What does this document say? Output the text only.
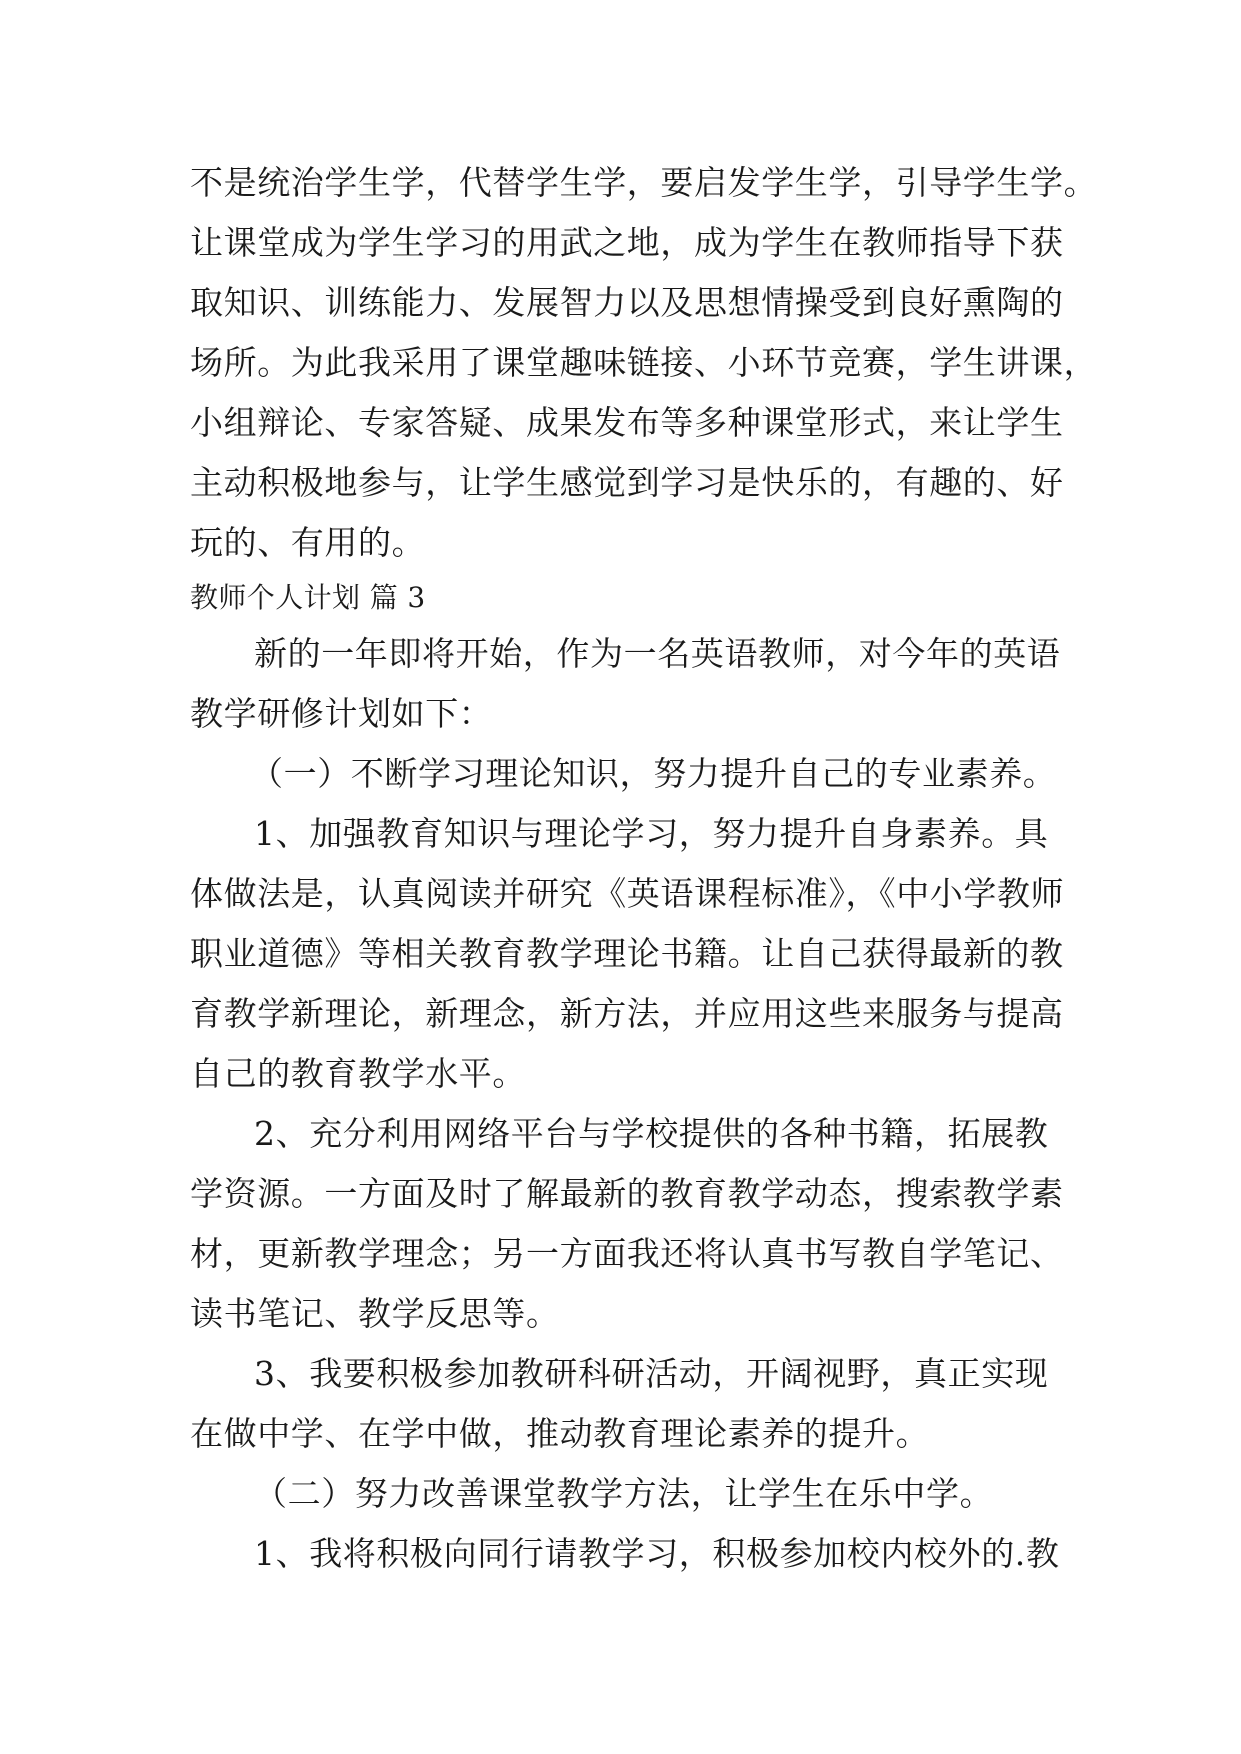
不是统治学生学，代替学生学，要启发学生学，引导学生学。
让课堂成为学生学习的用武之地，成为学生在教师指导下获
取知识、训练能力、发展智力以及思想情操受到良好熏陶的
场所。为此我采用了课堂趣味链接、小环节竞赛，学生讲课，
小组辩论、专家答疑、成果发布等多种课堂形式，来让学生
主动积极地参与，让学生感觉到学习是快乐的，有趣的、好
玩的、有用的。
教师个人计划 篇 3
新的一年即将开始，作为一名英语教师，对今年的英语
教学研修计划如下：
（一）不断学习理论知识，努力提升自己的专业素养。
1、加强教育知识与理论学习，努力提升自身素养。具
体做法是，认真阅读并研究《英语课程标准》，《中小学教师
职业道德》等相关教育教学理论书籍。让自己获得最新的教
育教学新理论，新理念，新方法，并应用这些来服务与提高
自己的教育教学水平。
2、充分利用网络平台与学校提供的各种书籍，拓展教
学资源。一方面及时了解最新的教育教学动态，搜索教学素
材，更新教学理念；另一方面我还将认真书写教自学笔记、
读书笔记、教学反思等。
3、我要积极参加教研科研活动，开阔视野，真正实现
在做中学、在学中做，推动教育理论素养的提升。
（二）努力改善课堂教学方法，让学生在乐中学。
1、我将积极向同行请教学习，积极参加校内校外的.教
